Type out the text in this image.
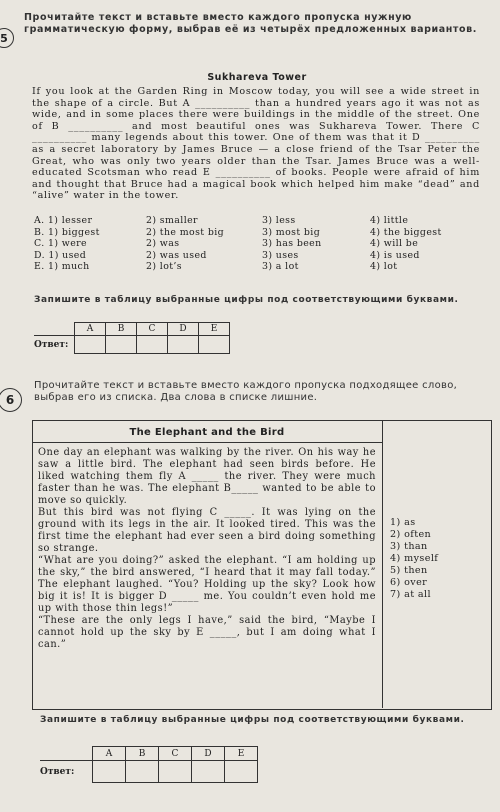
5
Прочитайте текст и вставьте вместо каждого пропуска нужную грамматическую форму, выбрав её из четырёх предложенных вариантов.
Sukhareva Tower

If you look at the Garden Ring in Moscow today, you will see a wide street in the shape of a circle. But A __________ than a hundred years ago it was not as wide, and in some places there were buildings in the middle of the street. One of B __________ and most beautiful ones was Sukhareva Tower. There C __________ many legends about this tower. One of them was that it D __________ as a secret laboratory by James Bruce — a close friend of the Tsar Peter the Great, who was only two years older than the Tsar. James Bruce was a well-educated Scotsman who read E __________ of books. People were afraid of him and thought that Bruce had a magical book which helped him make “dead” and “alive” water in the tower.

A. 1) lesser	2) smaller	3) less	4) little
B. 1) biggest	2) the most big	3) most big	4) the biggest
C. 1) were	2) was	3) has been	4) will be
D. 1) used	2) was used	3) uses	4) is used
E. 1) much	2) lot’s	3) a lot	4) lot
Запишите в таблицу выбранные цифры под соответствующими буквами.
	A	B	C	D	E
Ответ:					
6
Прочитайте текст и вставьте вместо каждого пропуска подходящее слово, выбрав его из списка. Два слова в списке лишние.
The Elephant and the Bird

One day an elephant was walking by the river. On his way he saw a little bird. The elephant had seen birds before. He liked watching them fly A _____ the river. They were much faster than he was. The elephant B_____ wanted to be able to move so quickly.
But this bird was not flying C _____. It was lying on the ground with its legs in the air. It looked tired. This was the first time the elephant had ever seen a bird doing something so strange.
“What are you doing?” asked the elephant. “I am holding up the sky,” the bird answered, “I heard that it may fall today.” The elephant laughed. “You? Holding up the sky? Look how big it is! It is bigger D _____ me. You couldn’t even hold me up with those thin legs!”
“These are the only legs I have,” said the bird, “Maybe I cannot hold up the sky by E _____, but I am doing what I can.”

1) as
2) often
3) than
4) myself
5) then
6) over
7) at all
Запишите в таблицу выбранные цифры под соответствующими буквами.
	A	B	C	D	E
Ответ:					
